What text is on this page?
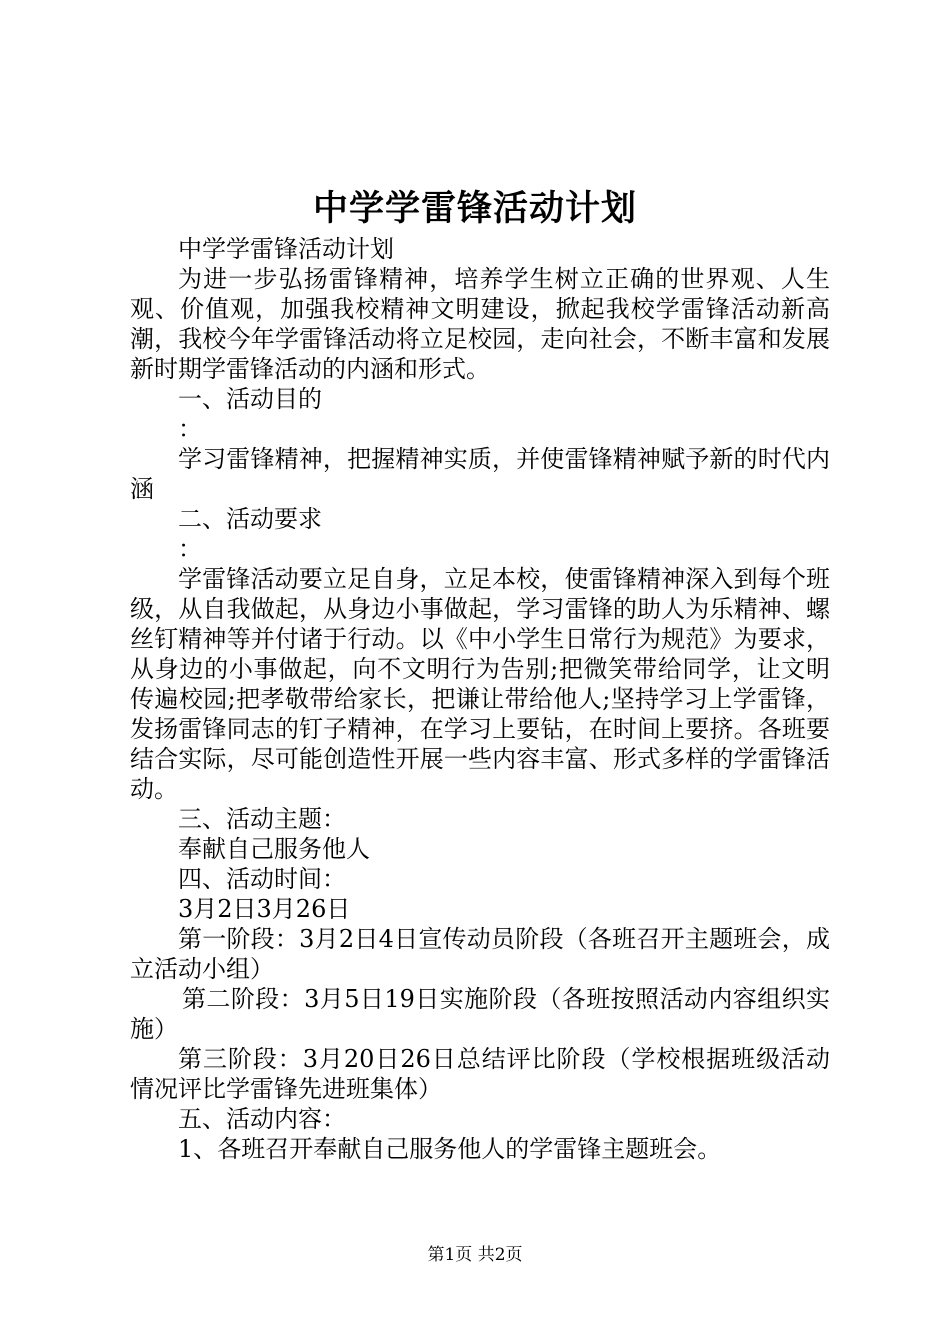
中学学雷锋活动计划

中学学雷锋活动计划

为进一步弘扬雷锋精神，培养学生树立正确的世界观、人生观、价值观，加强我校精神文明建设，掀起我校学雷锋活动新高潮，我校今年学雷锋活动将立足校园，走向社会，不断丰富和发展新时期学雷锋活动的内涵和形式。

一、活动目的

：

学习雷锋精神，把握精神实质，并使雷锋精神赋予新的时代内涵

二、活动要求

：

学雷锋活动要立足自身，立足本校，使雷锋精神深入到每个班级，从自我做起，从身边小事做起，学习雷锋的助人为乐精神、螺丝钉精神等并付诸于行动。以《中小学生日常行为规范》为要求，从身边的小事做起，向不文明行为告别;把微笑带给同学，让文明传遍校园;把孝敬带给家长，把谦让带给他人;坚持学习上学雷锋，发扬雷锋同志的钉子精神，在学习上要钻，在时间上要挤。各班要结合实际，尽可能创造性开展一些内容丰富、形式多样的学雷锋活动。

三、活动主题：

奉献自己服务他人

四、活动时间：

3月2日3月26日

第一阶段：3月2日4日宣传动员阶段（各班召开主题班会，成立活动小组）

第二阶段：3月5日19日实施阶段（各班按照活动内容组织实施）

第三阶段：3月20日26日总结评比阶段（学校根据班级活动情况评比学雷锋先进班集体）

五、活动内容：

1、各班召开奉献自己服务他人的学雷锋主题班会。

第1页 共2页
